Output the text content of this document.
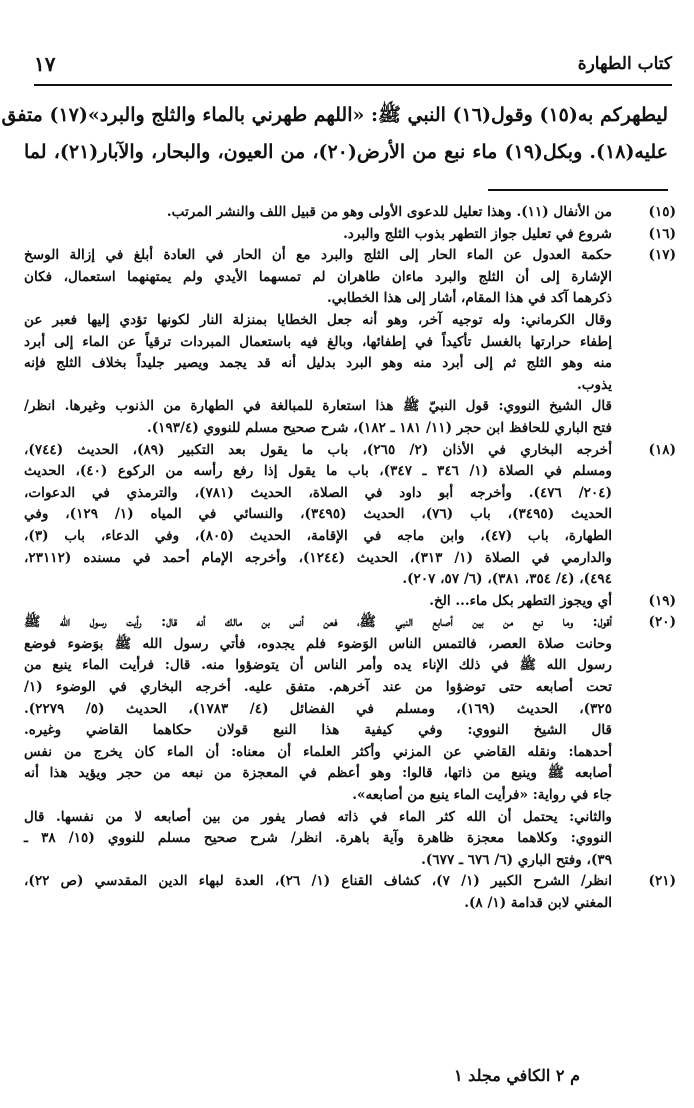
كتاب الطهارة
١٧
ليطهركم به(١٥) وقول(١٦) النبي ﷺ: «اللهم طهرني بالماء والثلج والبرد»(١٧) متفق
عليه(١٨). وبكل(١٩) ماء نبع من الأرض(٢٠)، من العيون، والبحار، والآبار(٢١)، لما
(١٥)
من الأنفال (١١). وهذا تعليل للدعوى الأولى وهو من قبيل اللف والنشر المرتب.
(١٦)
شروع في تعليل جواز التطهر بذوب الثلج والبرد.
(١٧)
حكمة العدول عن الماء الحار إلى الثلج والبرد مع أن الحار في العادة أبلغ في إزالة الوسخ
الإشارة إلى أن الثلج والبرد ماءان طاهران لم تمسهما الأيدي ولم يمتهنهما استعمال، فكان
ذكرهما آكد في هذا المقام، أشار إلى هذا الخطابي.
وقال الكرماني: وله توجيه آخر، وهو أنه جعل الخطايا بمنزلة النار لكونها تؤدي إليها فعبر عن
إطفاء حرارتها بالغسل تأكيداً في إطفائها، وبالغ فيه باستعمال المبردات ترقياً عن الماء إلى أبرد
منه وهو الثلج ثم إلى أبرد منه وهو البرد بدليل أنه قد يجمد ويصير جليداً بخلاف الثلج فإنه
يذوب.
قال الشيخ النووي: قول النبيّ ﷺ هذا استعارة للمبالغة في الطهارة من الذنوب وغيرها. انظر/
فتح الباري للحافظ ابن حجر (١١/ ١٨١ ـ ١٨٢)، شرح صحيح مسلم للنووي (١٩٣/٤).
(١٨)
أخرجه البخاري في الأذان (٢/ ٢٦٥)، باب ما يقول بعد التكبير (٨٩)، الحديث (٧٤٤)،
ومسلم في الصلاة (١/ ٣٤٦ ـ ٣٤٧)، باب ما يقول إذا رفع رأسه من الركوع (٤٠)، الحديث
(٢٠٤/ ٤٧٦). وأخرجه أبو داود في الصلاة، الحديث (٧٨١)، والترمذي في الدعوات،
الحديث (٣٤٩٥)، باب (٧٦)، الحديث (٣٤٩٥)، والنسائي في المياه (١/ ١٢٩)، وفي
الطهارة، باب (٤٧)، وابن ماجه في الإقامة، الحديث (٨٠٥)، وفي الدعاء، باب (٣)،
والدارمي في الصلاة (١/ ٣١٣)، الحديث (١٢٤٤)، وأخرجه الإمام أحمد في مسنده (٢٣١١٢،
٤٩٤)، (٤/ ٣٥٤، ٣٨١)، (٦/ ٥٧، ٢٠٧).
(١٩)
أي ويجوز التطهر بكل ماء... الخ.
(٢٠)
أقول: وما نبع من بين أصابع النبي ﷺ، فعن أنس بن مالك أنه قال: رأيت رسول الله ﷺ
وحانت صلاة العصر، فالتمس الناس الوَضوء فلم يجدوه، فأتي رسول الله ﷺ بوَضوء فوضع
رسول الله ﷺ في ذلك الإناء يده وأمر الناس أن يتوضؤوا منه. قال: فرأيت الماء ينبع من
تحت أصابعه حتى توضؤوا من عند آخرهم. متفق عليه. أخرجه البخاري في الوضوء (١/
٣٢٥)، الحديث (١٦٩)، ومسلم في الفضائل (٤/ ١٧٨٣)، الحديث (٥/ ٢٢٧٩).
قال الشيخ النووي: وفي كيفية هذا النبع قولان حكاهما القاضي وغيره.
أحدهما: ونقله القاضي عن المزني وأكثر العلماء أن معناه: أن الماء كان يخرج من نفس
أصابعه ﷺ وينبع من ذاتها، قالوا: وهو أعظم في المعجزة من نبعه من حجر ويؤيد هذا أنه
جاء في رواية: «فرأيت الماء ينبع من أصابعه».
والثاني: يحتمل أن الله كثر الماء في ذاته فصار يفور من بين أصابعه لا من نفسها. قال
النووي: وكلاهما معجزة ظاهرة وآية باهرة. انظر/ شرح صحيح مسلم للنووي (١٥/ ٣٨ ـ
٣٩)، وفتح الباري (٦/ ٦٧٦ ـ ٦٧٧).
(٢١)
انظر/ الشرح الكبير (١/ ٧)، كشاف القناع (١/ ٢٦)، العدة لبهاء الدين المقدسي (ص ٢٢)،
المغني لابن قدامة (١/ ٨).
م ٢ الكافي مجلد ١
